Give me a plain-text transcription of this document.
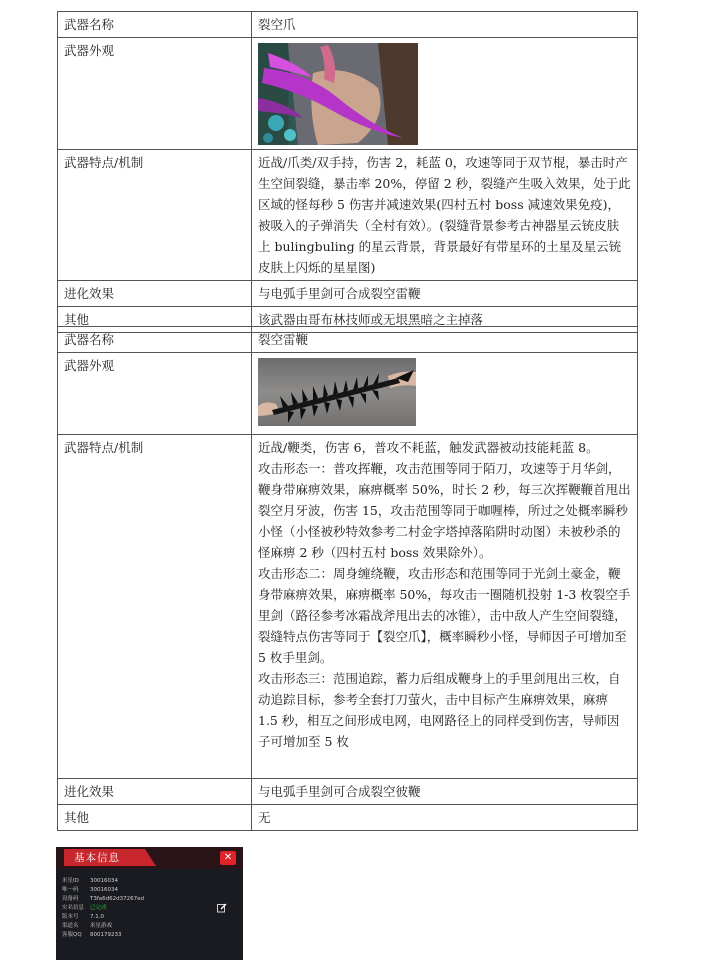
武器名称	裂空爪
武器外观	

武器特点/机制	近战/爪类/双手持，伤害 2，耗蓝 0，攻速等同于双节棍，暴击时产生空间裂缝，暴击率 20%，停留 2 秒，裂缝产生吸入效果，处于此区域的怪每秒 5 伤害并减速效果(四村五村 boss 减速效果免疫)，被吸入的子弹消失（全村有效）。(裂缝背景参考古神器星云铳皮肤上 bulingbuling 的星云背景，背景最好有带星环的土星及星云铳皮肤上闪烁的星星图)
进化效果	与电弧手里剑可合成裂空雷鞭
其他	该武器由哥布林技师或无垠黑暗之主掉落
武器名称	裂空雷鞭
武器外观	

武器特点/机制	近战/鞭类，伤害 6，普攻不耗蓝，触发武器被动技能耗蓝 8。

攻击形态一：普攻挥鞭，攻击范围等同于陌刀，攻速等于月华剑，鞭身带麻痹效果，麻痹概率 50%，时长 2 秒，每三次挥鞭鞭首甩出裂空月牙波，伤害 15，攻击范围等同于咖喱棒，所过之处概率瞬秒小怪（小怪被秒特效参考二村金字塔掉落陷阱时动图）未被秒杀的怪麻痹 2 秒（四村五村 boss 效果除外）。

攻击形态二：周身缠绕鞭，攻击形态和范围等同于光剑土豪金，鞭身带麻痹效果，麻痹概率 50%，每攻击一圈随机投射 1-3 枚裂空手里剑（路径参考冰霜战斧甩出去的冰锥），击中敌人产生空间裂缝，裂缝特点伤害等同于【裂空爪】，概率瞬秒小怪，导师因子可增加至 5 枚手里剑。

攻击形态三：范围追踪，蓄力后组成鞭身上的手里剑甩出三枚，自动追踪目标，参考全套打刀萤火，击中目标产生麻痹效果，麻痹 1.5 秒，相互之间形成电网，电网路径上的同样受到伤害，导师因子可增加至 5 枚

进化效果	与电弧手里剑可合成裂空彼鞭
其他	无
基本信息	✕
米星ID 30016034
唯一码 30016034
设备码 T3fa6d62d37267ed
实名信息 已完成
版本号 7.1.0
渠道名 米星游戏
客服QQ 800179233
